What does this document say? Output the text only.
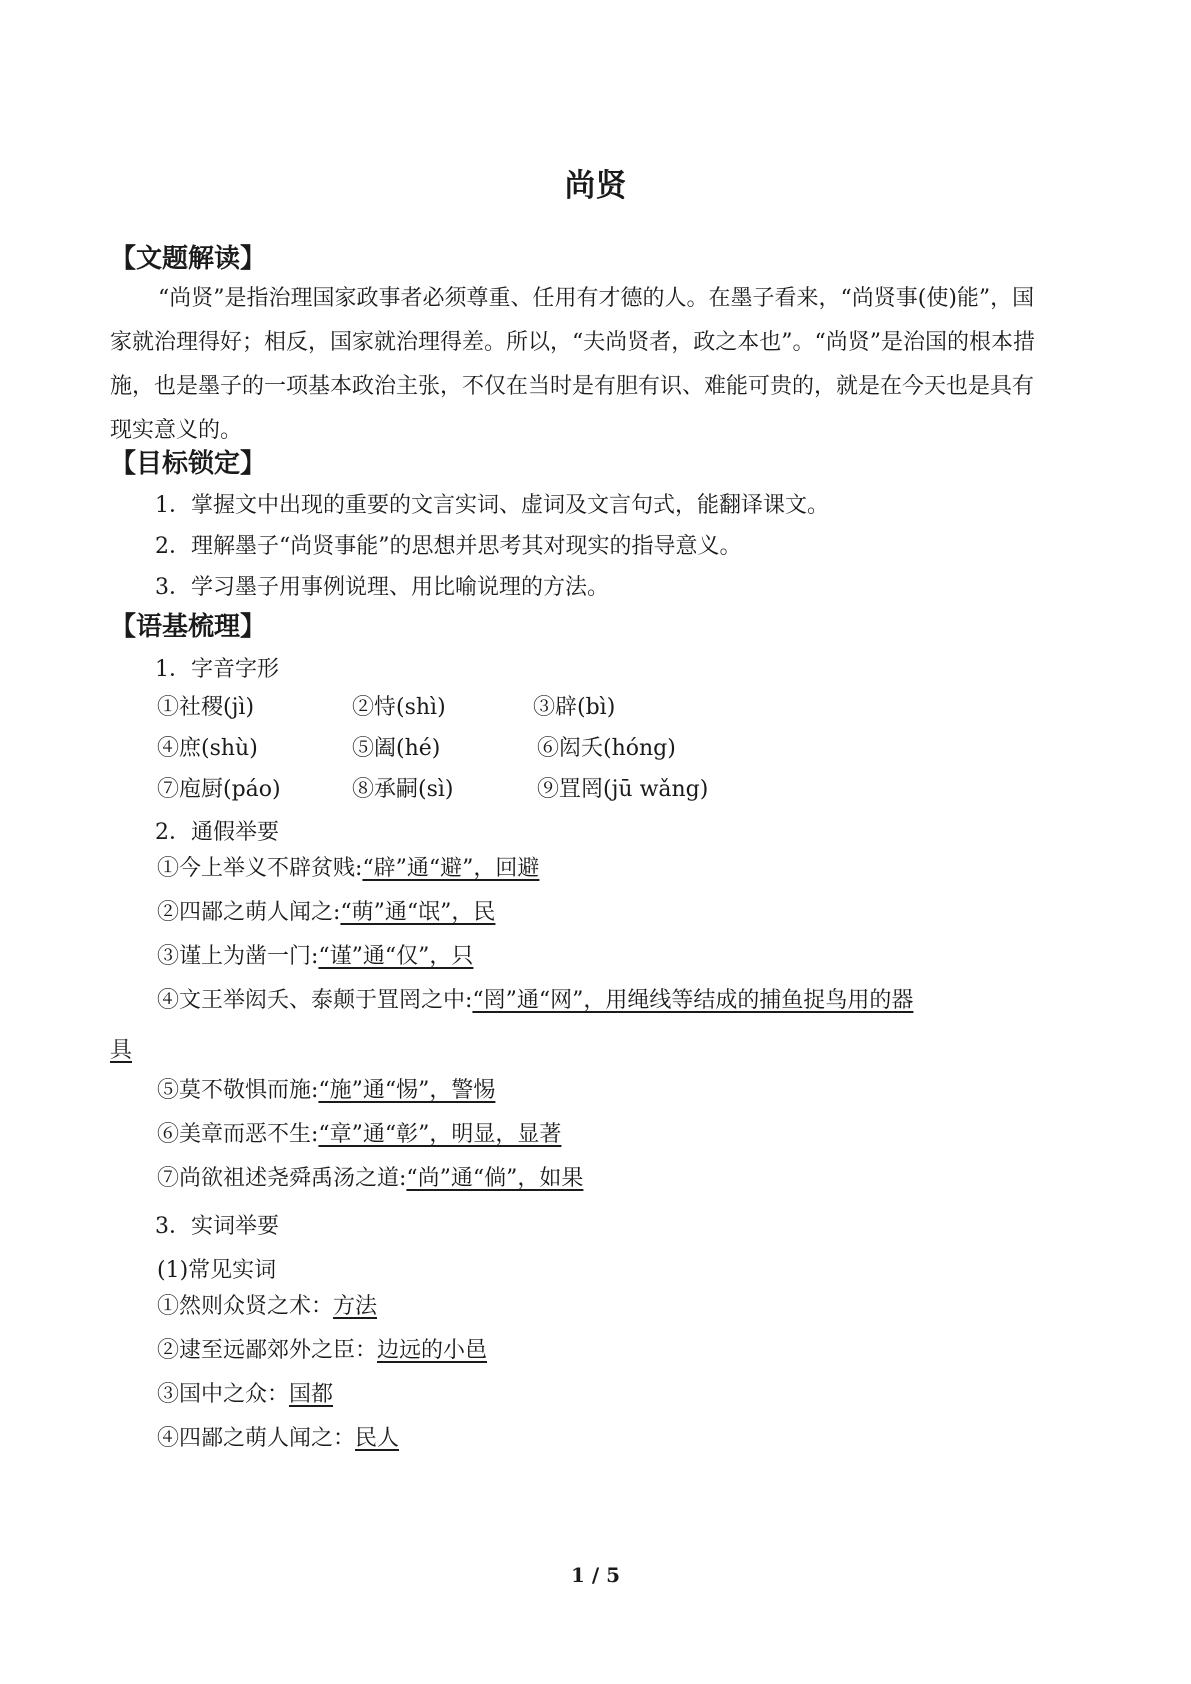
尚贤
【文题解读】
“尚贤”是指治理国家政事者必须尊重、任用有才德的人。在墨子看来，“尚贤事(使)能”，国家就治理得好；相反，国家就治理得差。所以，“夫尚贤者，政之本也”。“尚贤”是治国的根本措施，也是墨子的一项基本政治主张，不仅在当时是有胆有识、难能可贵的，就是在今天也是具有现实意义的。
【目标锁定】
1．掌握文中出现的重要的文言实词、虚词及文言句式，能翻译课文。
2．理解墨子“尚贤事能”的思想并思考其对现实的指导意义。
3．学习墨子用事例说理、用比喻说理的方法。
【语基梳理】
1．字音字形
①社稷(jì)	②恃(shì)	③辟(bì)
④庶(shù)	⑤阖(hé)	⑥闳夭(hóng)
⑦庖厨(páo)	⑧承嗣(sì)	⑨罝罔(jū wǎng)
2．通假举要
①今上举义不辟贫贱:“辟”通“避”，回避
②四鄙之萌人闻之:“萌”通“氓”，民
③谨上为凿一门:“谨”通“仅”，只
④文王举闳夭、泰颠于罝罔之中:“罔”通“网”，用绳线等结成的捕鱼捉鸟用的器
具
⑤莫不敬惧而施:“施”通“惕”，警惕
⑥美章而恶不生:“章”通“彰”，明显，显著
⑦尚欲祖述尧舜禹汤之道:“尚”通“倘”，如果
3．实词举要
(1)常见实词
①然则众贤之术：方法
②逮至远鄙郊外之臣：边远的小邑
③国中之众：国都
④四鄙之萌人闻之：民人
1 / 5
